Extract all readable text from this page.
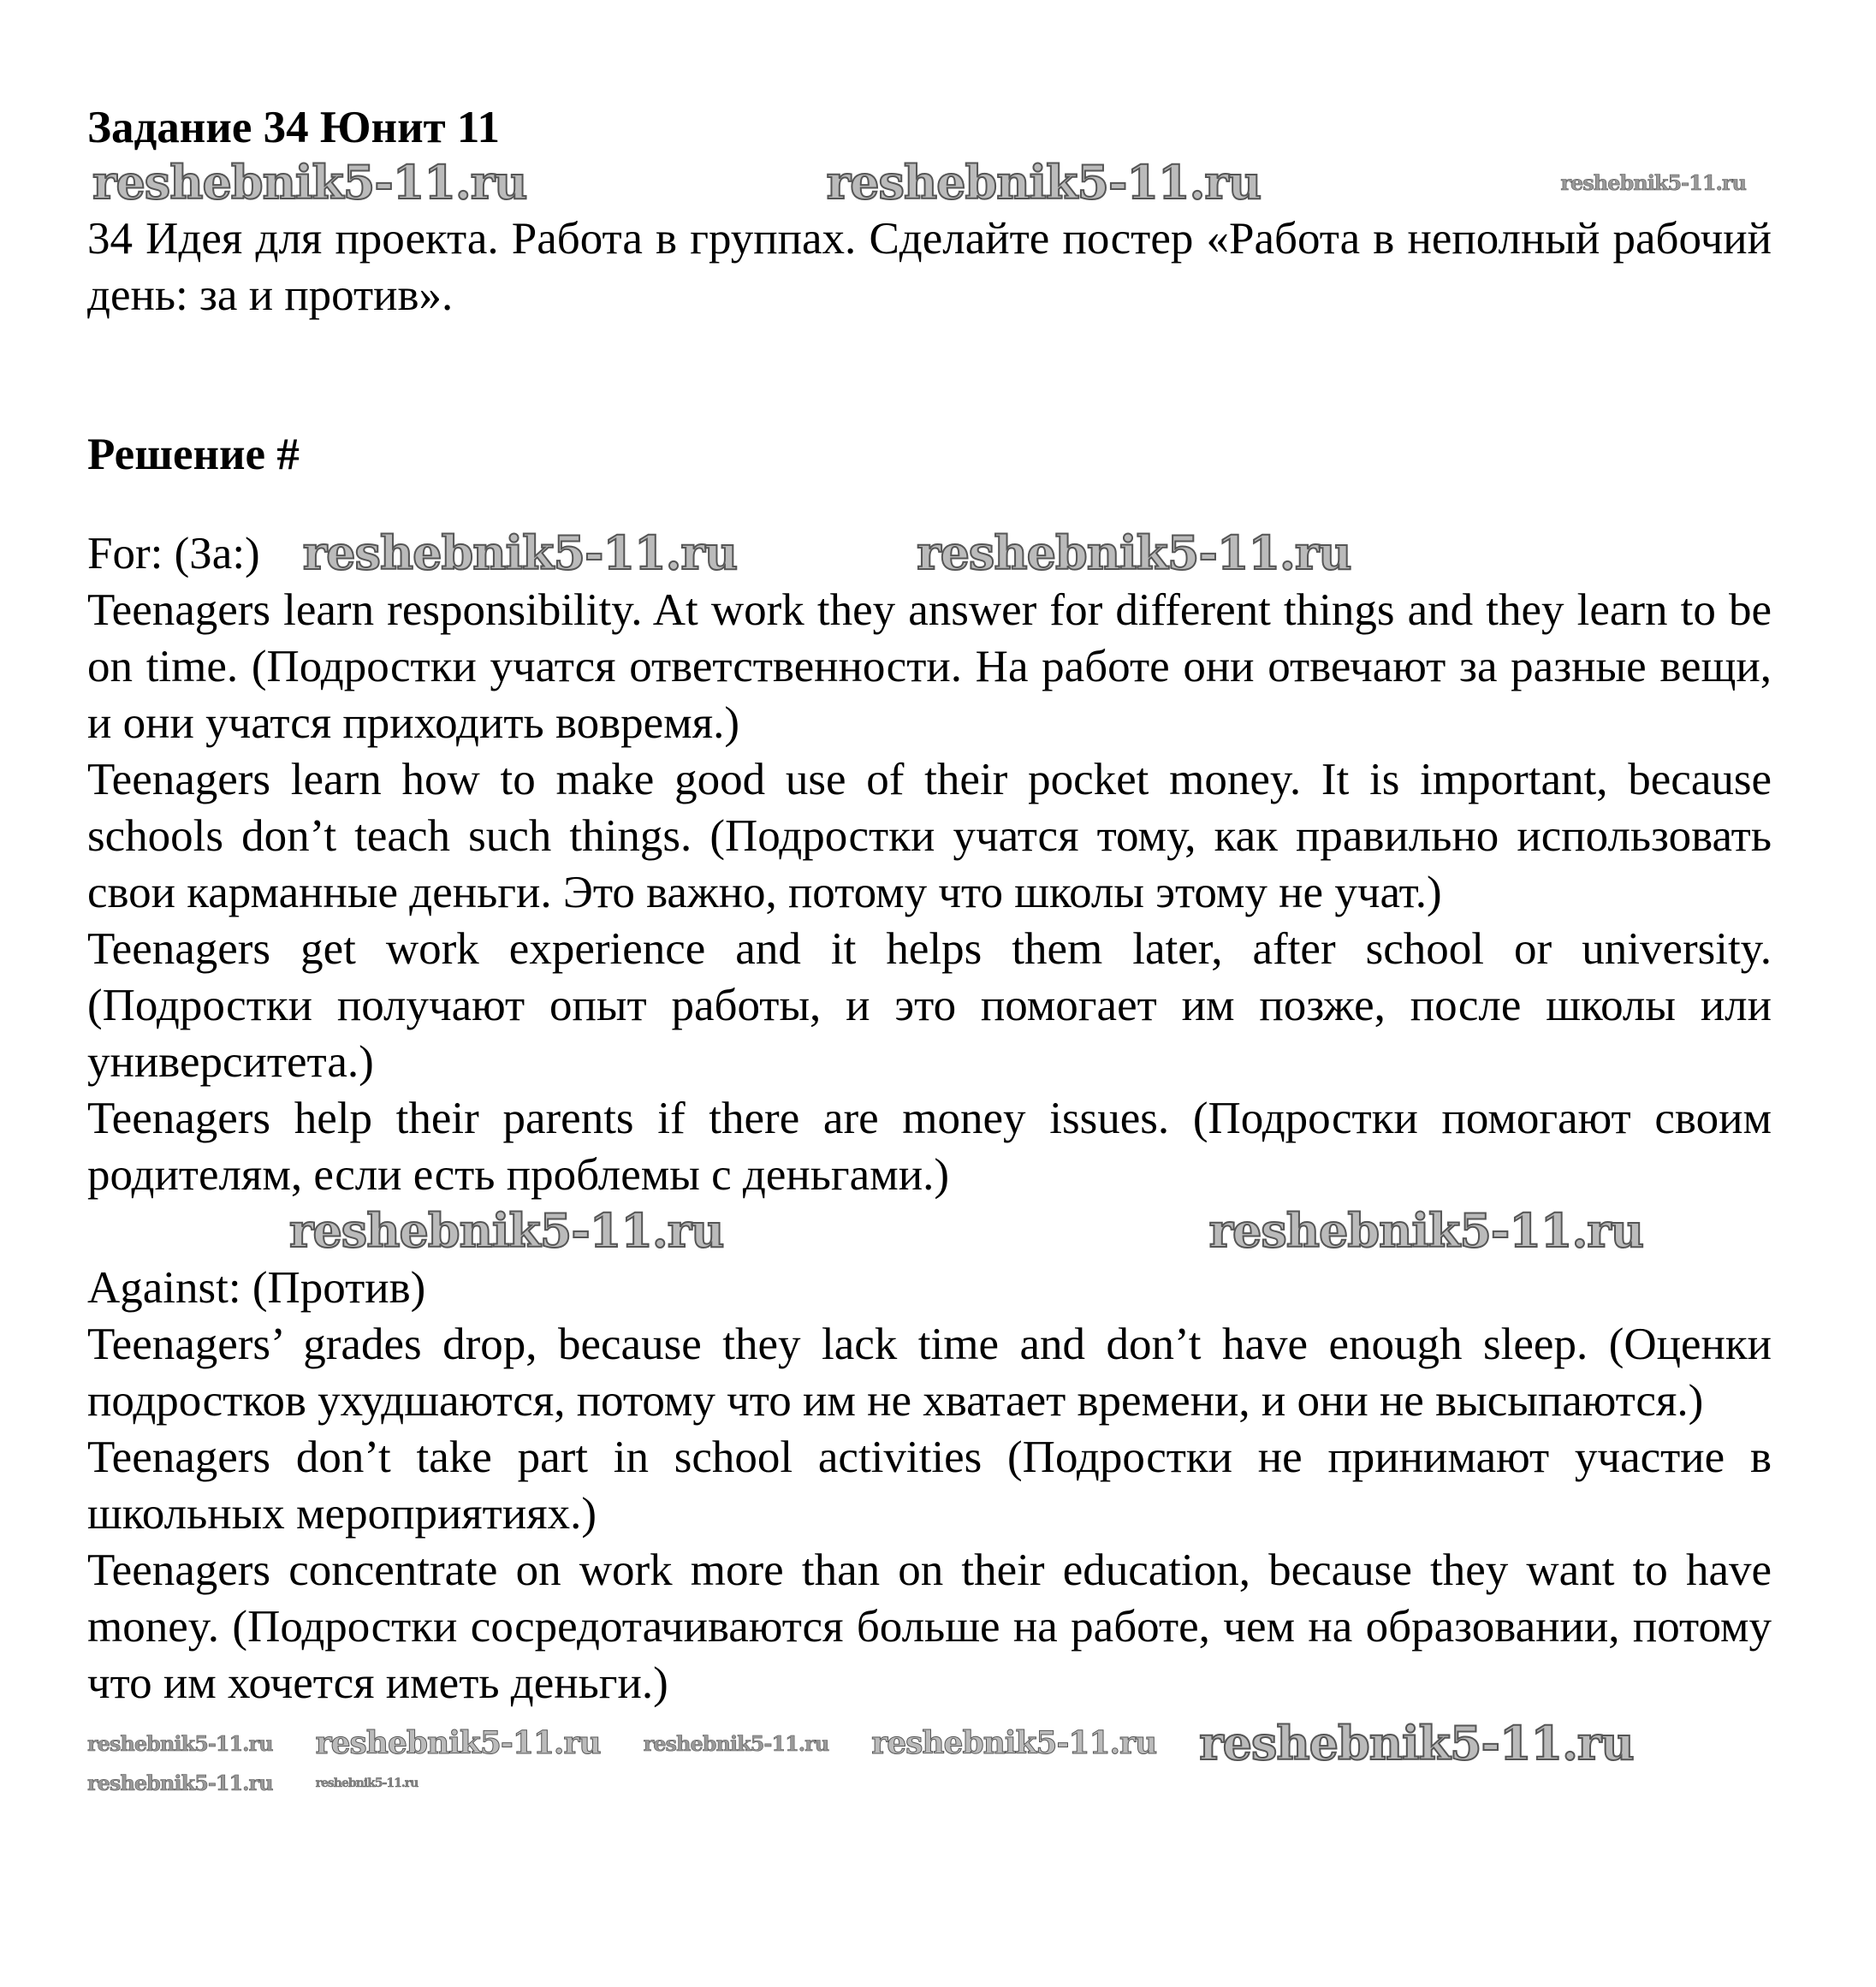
Задание 34 Юнит 11

reshebnik5-11.ru	reshebnik5-11.ru	reshebnik5-11.ru

34 Идея для проекта. Работа в группах. Сделайте постер «Работа в неполный рабочий день: за и против».

Решение #

For: (За:) reshebnik5-11.ru	reshebnik5-11.ru

Teenagers learn responsibility. At work they answer for different things and they learn to be on time. (Подростки учатся ответственности. На работе они отвечают за разные вещи, и они учатся приходить вовремя.)

Teenagers learn how to make good use of their pocket money. It is important, because schools don’t teach such things. (Подростки учатся тому, как правильно использовать свои карманные деньги. Это важно, потому что школы этому не учат.)

Teenagers get work experience and it helps them later, after school or university. (Подростки получают опыт работы, и это помогает им позже, после школы или университета.)

Teenagers help their parents if there are money issues. (Подростки помогают своим родителям, если есть проблемы с деньгами.)

reshebnik5-11.ru	reshebnik5-11.ru

Against: (Против)

Teenagers’ grades drop, because they lack time and don’t have enough sleep. (Оценки подростков ухудшаются, потому что им не хватает времени, и они не высыпаются.)

Teenagers don’t take part in school activities (Подростки не принимают участие в школьных мероприятиях.)

Teenagers concentrate on work more than on their education, because they want to have money. (Подростки сосредотачиваются больше на работе, чем на образовании, потому что им хочется иметь деньги.)

reshebnik5-11.ru reshebnik5-11.ru reshebnik5-11.ru reshebnik5-11.ru reshebnik5-11.ru
reshebnik5-11.ru	reshebnik5-11.ru
